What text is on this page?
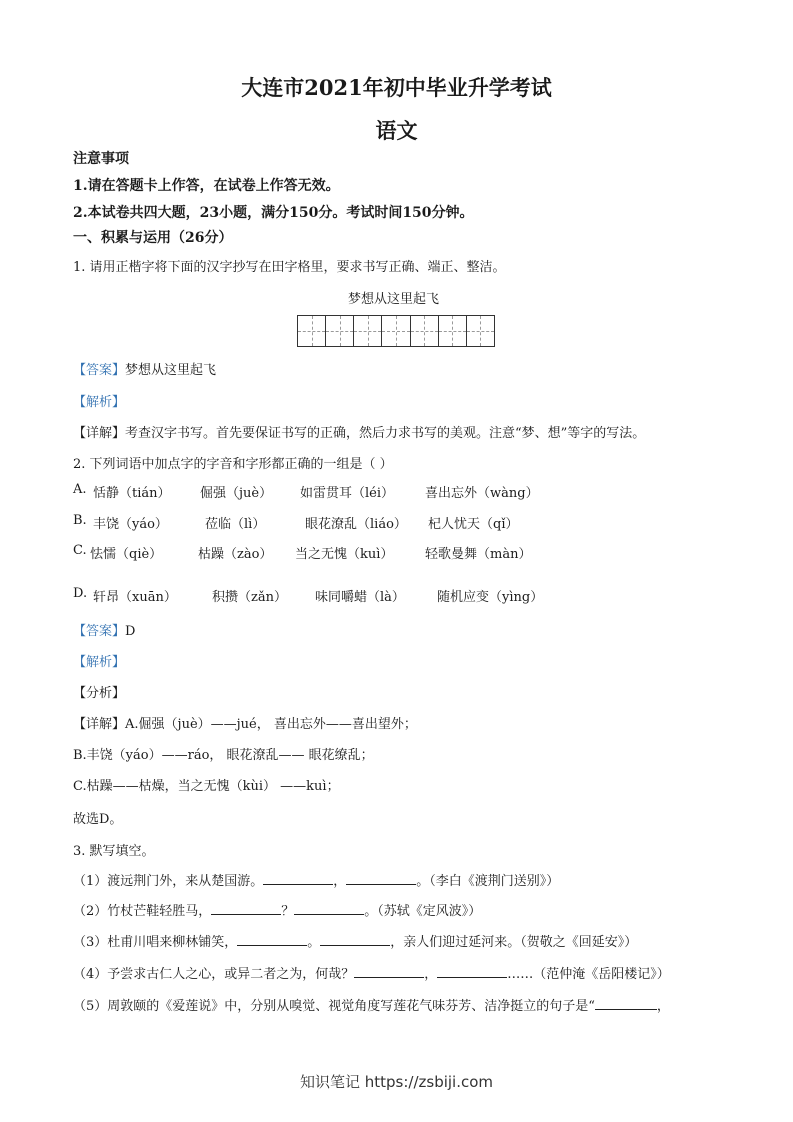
大连市2021年初中毕业升学考试
语文
注意事项
1.请在答题卡上作答，在试卷上作答无效。
2.本试卷共四大题，23小题，满分150分。考试时间150分钟。
一、积累与运用（26分）
1. 请用正楷字将下面的汉字抄写在田字格里，要求书写正确、端正、整洁。
梦想从这里起飞
【答案】梦想从这里起飞
【解析】
【详解】考查汉字书写。首先要保证书写的正确，然后力求书写的美观。注意“梦、想”等字的写法。
2. 下列词语中加点字的字音和字形都正确的一组是（ ）
A. 恬静（tián） 倔强（juè） 如雷贯耳（léi） 喜出忘外（wàng）
B. 丰饶（yáo）	莅临（lì）	眼花潦乱（liáo） 杞人忧天（qǐ）
C. 怯懦（qiè）	枯躁（zào） 当之无愧（kuì） 轻歌曼舞（màn）
D. 轩昂（xuān）	积攒（zǎn） 味同嚼蜡（là） 随机应变（yìng）
【答案】D
【解析】
【分析】
【详解】A.倔强（juè）——jué， 喜出忘外——喜出望外；
B.丰饶（yáo）——ráo， 眼花潦乱—— 眼花缭乱；
C.枯躁——枯燥，当之无愧（kùi） ——kuì；
故选D。
3. 默写填空。
（1）渡远荆门外，来从楚国游。	，	。（李白《渡荆门送别》）
（2）竹杖芒鞋轻胜马，	？	。（苏轼《定风波》）
（3）杜甫川唱来柳林铺笑，	。	，亲人们迎过延河来。（贺敬之《回延安》）
（4）予尝求古仁人之心，或异二者之为，何哉？	，	……（范仲淹《岳阳楼记》）
（5）周敦颐的《爱莲说》中，分别从嗅觉、视觉角度写莲花气味芬芳、洁净挺立的句子是“	，
知识笔记 https://zsbiji.com
